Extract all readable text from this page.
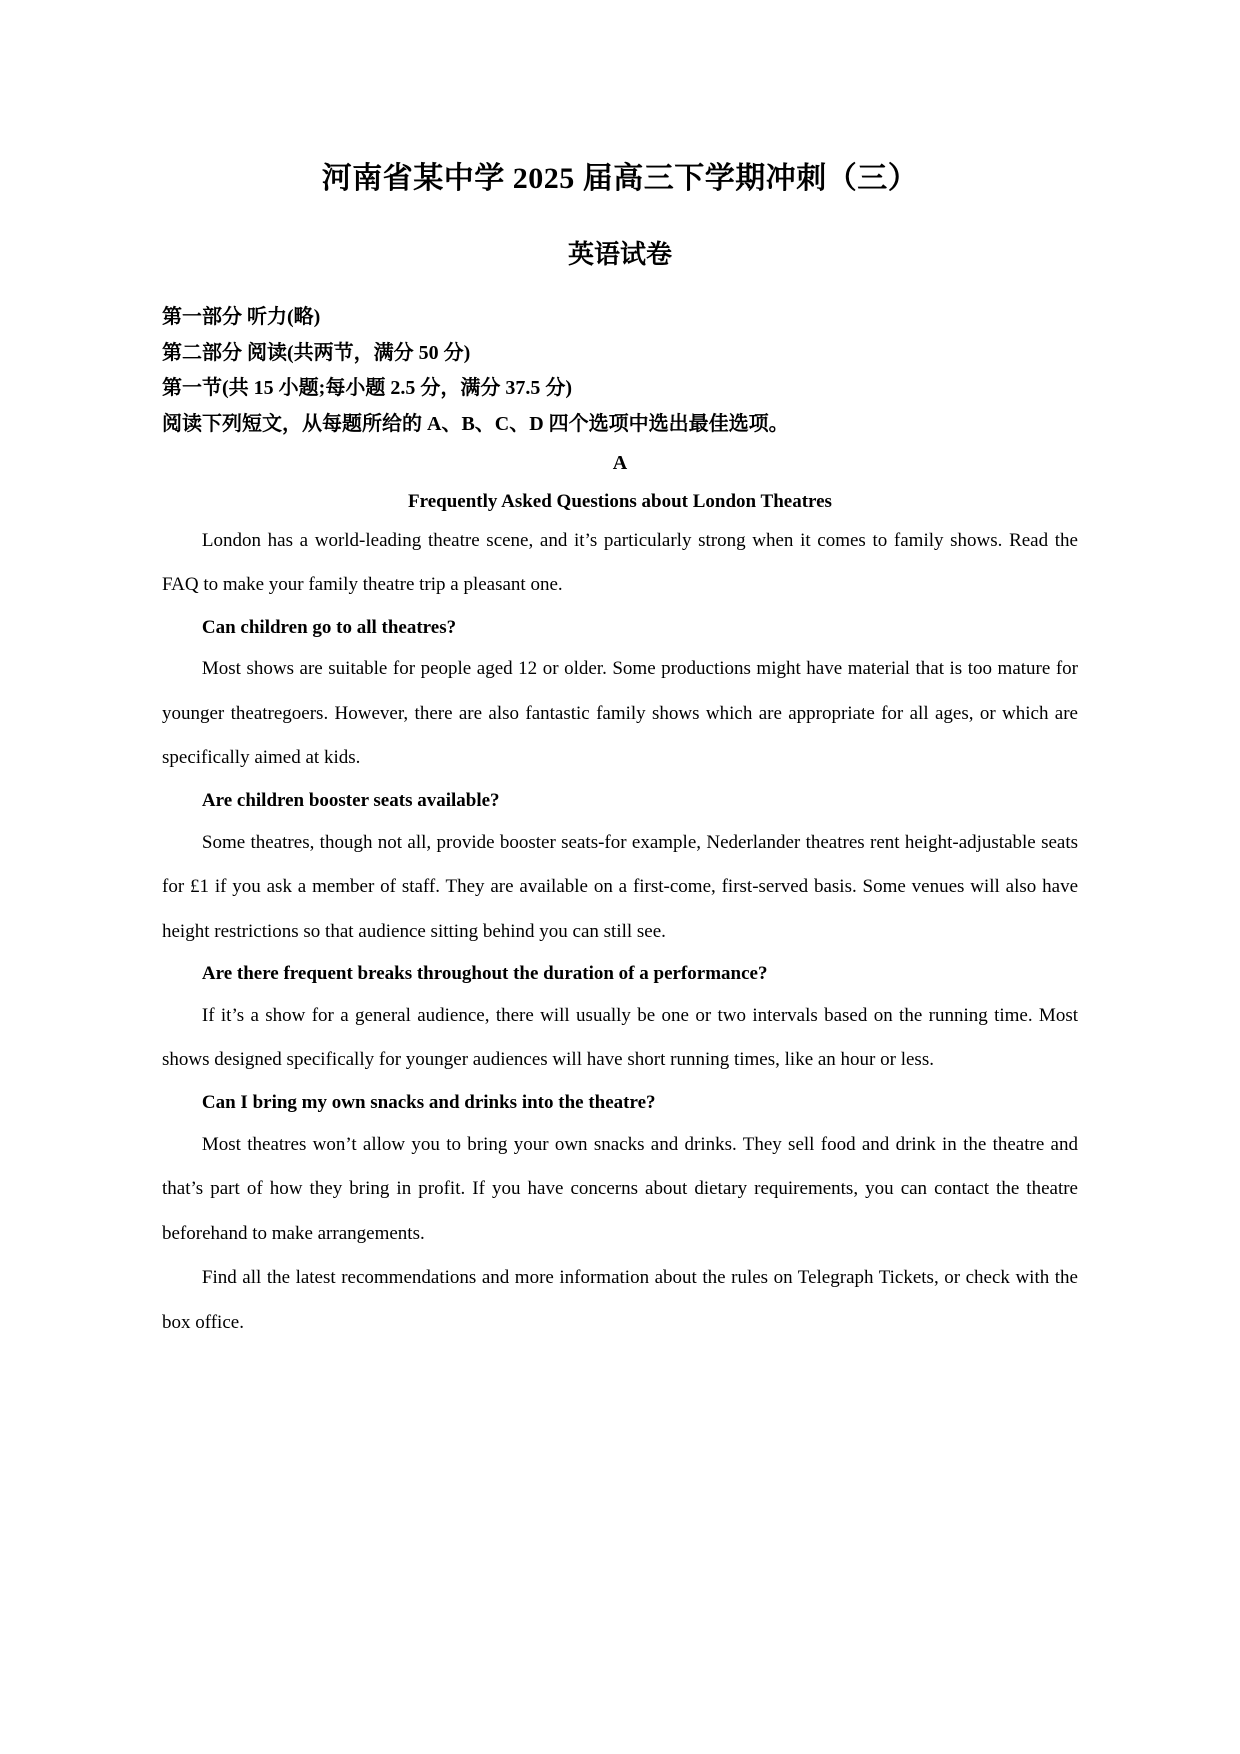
河南省某中学 2025 届高三下学期冲刺（三）
英语试卷

第一部分 听力(略)

第二部分 阅读(共两节，满分 50 分)

第一节(共 15 小题;每小题 2.5 分，满分 37.5 分)

阅读下列短文，从每题所给的 A、B、C、D 四个选项中选出最佳选项。

A

Frequently Asked Questions about London Theatres

London has a world-leading theatre scene, and it’s particularly strong when it comes to family shows. Read the FAQ to make your family theatre trip a pleasant one.

Can children go to all theatres?

Most shows are suitable for people aged 12 or older. Some productions might have material that is too mature for younger theatregoers. However, there are also fantastic family shows which are appropriate for all ages, or which are specifically aimed at kids.

Are children booster seats available?

Some theatres, though not all, provide booster seats-for example, Nederlander theatres rent height-adjustable seats for £1 if you ask a member of staff. They are available on a first-come, first-served basis. Some venues will also have height restrictions so that audience sitting behind you can still see.

Are there frequent breaks throughout the duration of a performance?

If it’s a show for a general audience, there will usually be one or two intervals based on the running time. Most shows designed specifically for younger audiences will have short running times, like an hour or less.

Can I bring my own snacks and drinks into the theatre?

Most theatres won’t allow you to bring your own snacks and drinks. They sell food and drink in the theatre and that’s part of how they bring in profit. If you have concerns about dietary requirements, you can contact the theatre beforehand to make arrangements.

Find all the latest recommendations and more information about the rules on Telegraph Tickets, or check with the box office.
